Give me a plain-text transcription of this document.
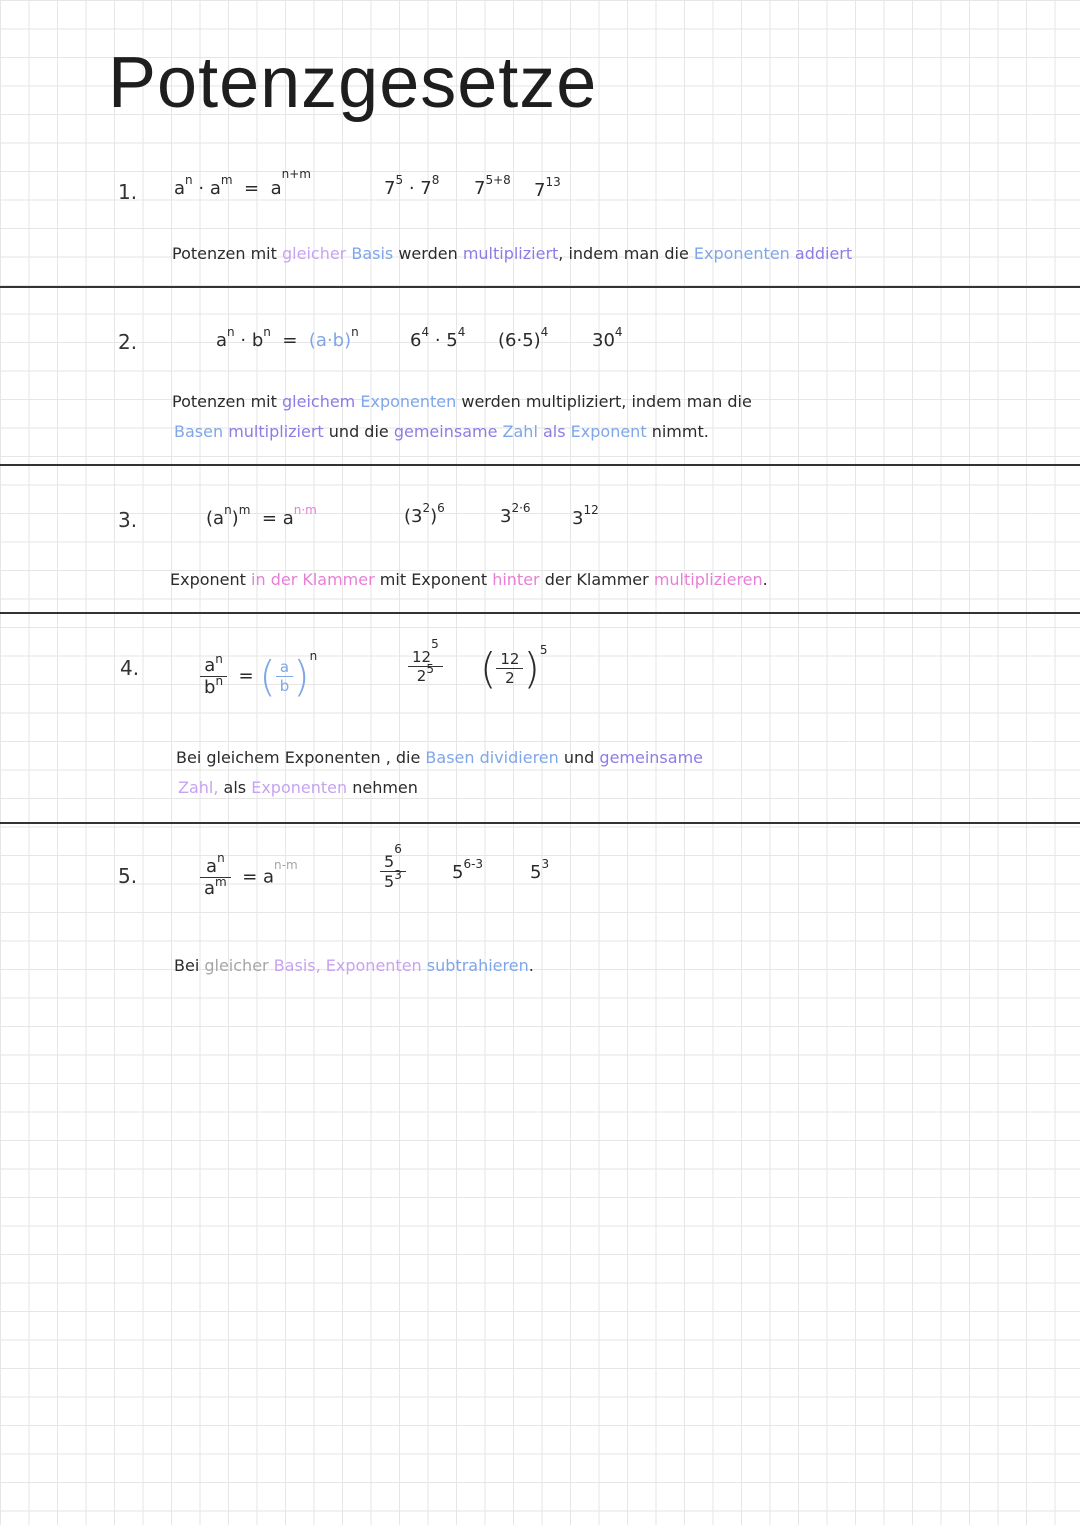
Potenzgesetze
1. $a^n \cdot a^m = a^{n+m}$
$7^5 \cdot 7^8$ $7^{5+8}$ $7^{13}$
Potenzen mit gleicher Basis werden multipliziert, indem man die Exponenten addiert
2.	$a^n \cdot b^n = (a\cdot b)^n$	$6^4 \cdot 5^4$ $(6\cdot 5)^4$ $30^4$
Potenzen mit gleichem Exponenten werden multipliziert, indem man die
Basen multipliziert und die gemeinsame Zahl als Exponent nimmt.
3.	$(a^n)^m = a^{n\cdot m}$	$(3^2)^6$	$3^{2\cdot 6}$ $3^{12}$
Exponent in der Klammer mit Exponent hinter der Klammer multiplizieren.
4.	$\frac{a^n}{b^n}$ = ( $\frac{a}{b} )^n$	$\frac{12^5}{2^5}$ ( $\frac{12}{2} )^5$
Bei gleichem Exponenten , die Basen dividieren und gemeinsame
Zahl, als Exponenten nehmen
5.	$\frac{a^n}{a^m} = a^{n-m}$	$\frac{5^6}{5^3}$	5$^{6-3}$	$5^3$
Bei gleicher Basis, Exponenten subtrahieren.
